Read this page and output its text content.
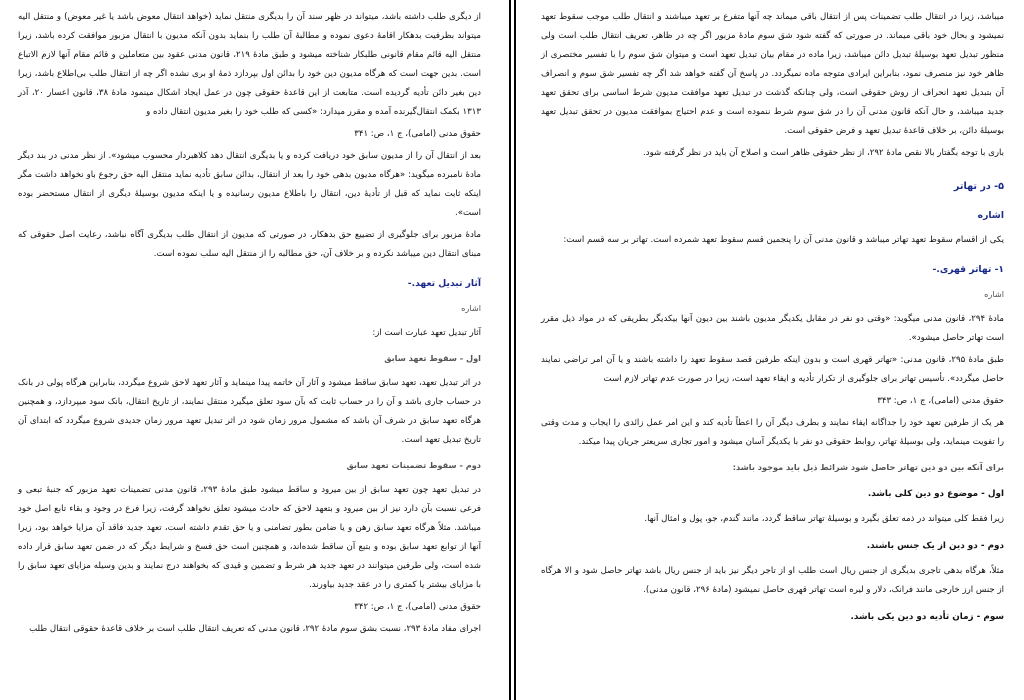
از دیگری طلب داشته باشد، میتواند در ظهر سند آن را بدیگری منتقل نماید (خواهد انتقال معوض باشد یا غیر معوض) و منتقل الیه میتواند بظرفیت بدهکار اقامهٔ دعوی نموده و مطالبهٔ آن طلب را بنماید بدون آنکه مدیون با انتقال مزبور موافقت کرده باشد، زیرا منتقل الیه قائم مقام قانونی طلبکار شناخته میشود و طبق مادهٔ ۲۱۹، قانون مدنی عقود بین متعاملین و قائم مقام آنها لازم الاتباع است. بدین جهت است که هرگاه مدیون دین خود را بدائن اول بپردازد ذمهٔ او بری نشده اگر چه از انتقال طلب بی‌اطلاع باشد، زیرا دین بغیر دائن تأدیه گردیده است. متابعت از این قاعدهٔ حقوقی چون در عمل ایجاد اشکال مینمود مادهٔ ۳۸، قانون اعسار ۲۰، آذر ۱۳۱۳ بکمک انتقال‌گیرنده آمده و مقرر میدارد: «کسی که طلب خود را بغیر مدیون انتقال داده و
حقوق مدنی (امامی)، ج ۱، ص: ۳۴۱
بعد از انتقال آن را از مدیون سابق خود دریافت کرده و یا بدیگری انتقال دهد کلاهبردار محسوب میشود». از نظر مدنی در بند دیگر مادهٔ نامبرده میگوید: «هرگاه مدیون بدهی خود را بعد از انتقال، بدائن سابق تأدیه نماید منتقل الیه حق رجوع باو نخواهد داشت مگر اینکه ثابت نماید که قبل از تأدیهٔ دین، انتقال را باطلاع مدیون رسانیده و یا اینکه مدیون بوسیلهٔ دیگری از انتقال مستحضر بوده است».
مادهٔ مزبور برای جلوگیری از تضییع حق بدهکار، در صورتی که مدیون از انتقال طلب بدیگری آگاه نباشد، رعایت اصل حقوقی که مبنای انتقال دین میباشد نکرده و بر خلاف آن، حق مطالبه را از منتقل الیه سلب نموده است.
آثار تبدیل تعهد.-
اشاره
آثار تبدیل تعهد عبارت است از:
اول - سقوط تعهد سابق
در اثر تبدیل تعهد، تعهد سابق ساقط میشود و آثار آن خاتمه پیدا مینماید و آثار تعهد لاحق شروع میگردد، بنابراین هرگاه پولی در بانک در حساب جاری باشد و آن را در حساب ثابت که بآن سود تعلق میگیرد منتقل نمایند، از تاریخ انتقال، بانک سود میپردازد، و همچنین هرگاه تعهد سابق در شرف آن باشد که مشمول مرور زمان شود در اثر تبدیل تعهد مرور زمان جدیدی شروع میگردد که ابتدای آن تاریخ تبدیل تعهد است.
دوم - سقوط تضمینات تعهد سابق
در تبدیل تعهد چون تعهد سابق از بین میرود و ساقط میشود طبق مادهٔ ۲۹۳، قانون مدنی تضمینات تعهد مزبور که جنبهٔ تبعی و فرعی نسبت بآن دارد نیز از بین میرود و بتعهد لاحق که حادث میشود تعلق نخواهد گرفت، زیرا فرع در وجود و بقاء تابع اصل خود میباشد. مثلاً هرگاه تعهد سابق رهن و یا ضامن بطور تضامنی و یا حق تقدم داشته است، تعهد جدید فاقد آن مزایا خواهد بود، زیرا آنها از توابع تعهد سابق بوده و بتبع آن ساقط شده‌اند، و همچنین است حق فسخ و شرایط دیگر که در ضمن تعهد سابق قرار داده شده است، ولی طرفین میتوانند در تعهد جدید هر شرط و تضمین و قیدی که بخواهند درج نمایند و بدین وسیله مزایای تعهد سابق را با مزایای بیشتر یا کمتری را در عقد جدید بیاورند.
حقوق مدنی (امامی)، ج ۱، ص: ۳۴۲
اجرای مفاد مادهٔ ۲۹۳، نسبت بشق سوم مادهٔ ۲۹۲، قانون مدنی که تعریف انتقال طلب است بر خلاف قاعدهٔ حقوقی انتقال طلب
میباشد، زیرا در انتقال طلب تضمینات پس از انتقال باقی میماند چه آنها متفرع بر تعهد میباشند و انتقال طلب موجب سقوط تعهد نمیشود و بحال خود باقی میماند. در صورتی که گفته شود شق سوم مادهٔ مزبور اگر چه در ظاهر، تعریف انتقال طلب است ولی منظور تبدیل تعهد بوسیلهٔ تبدیل دائن میباشد، زیرا ماده در مقام بیان تبدیل تعهد است و میتوان شق سوم را با تفسیر مختصری از ظاهر خود نیز منصرف نمود، بنابراین ایرادی متوجه ماده نمیگردد. در پاسخ آن گفته خواهد شد اگر چه تفسیر شق سوم و انصراف آن بتبدیل تعهد انحراف از روش حقوقی است، ولی چنانکه گذشت در تبدیل تعهد موافقت مدیون شرط اساسی برای تحقق تعهد جدید میباشد، و حال آنکه قانون مدنی آن را در شق سوم شرط ننموده است و عدم احتیاج بموافقت مدیون در تحقق تبدیل تعهد بوسیلهٔ دائن، بر خلاف قاعدهٔ تبدیل تعهد و فرض حقوقی است.
باری با توجه بگفتار بالا نقص مادهٔ ۲۹۲، از نظر حقوقی ظاهر است و اصلاح آن باید در نظر گرفته شود.
۵- در تهاتر
اشاره
یکی از اقسام سقوط تعهد تهاتر میباشد و قانون مدنی آن را پنجمین قسم سقوط تعهد شمرده است. تهاتر بر سه قسم است:
۱- تهاتر قهری.-
اشاره
مادهٔ ۲۹۴، قانون مدنی میگوید: «وقتی دو نفر در مقابل یکدیگر مدیون باشند بین دیون آنها بیکدیگر بطریقی که در مواد ذیل مقرر است تهاتر حاصل میشود».
طبق مادهٔ ۲۹۵، قانون مدنی: «تهاتر قهری است و بدون اینکه طرفین قصد سقوط تعهد را داشته باشند و یا آن امر تراضی نمایند حاصل میگردد». تأسیس تهاتر برای جلوگیری از تکرار تأدیه و ایفاء تعهد است، زیرا در صورت عدم تهاتر لازم است
حقوق مدنی (امامی)، ج ۱، ص: ۳۴۳
هر یک از طرفین تعهد خود را جداگانه ایفاء نمایند و بطرف دیگر آن را اعطاً تأدیه کند و این امر عمل زائدی را ایجاب و مدت وقتی را تفویت مینماید، ولی بوسیلهٔ تهاتر، روابط حقوقی دو نفر با یکدیگر آسان میشود و امور تجاری سریعتر جریان پیدا میکند.
برای آنکه بین دو دین تهاتر حاصل شود شرائط ذیل باید موجود باشد:
اول - موضوع دو دین کلی باشد.
زیرا فقط کلی میتواند در ذمه تعلق بگیرد و بوسیلهٔ تهاتر ساقط گردد، مانند گندم، جو، پول و امثال آنها.
دوم - دو دین از یک جنس باشند.
مثلاً، هرگاه بدهی تاجری بدیگری از جنس ریال است طلب او از تاجر دیگر نیز باید از جنس ریال باشد تهاتر حاصل شود و الا هرگاه از جنس ارز خارجی مانند فرانک، دلار و لیره است تهاتر قهری حاصل نمیشود (مادهٔ ۲۹۶، قانون مدنی).
سوم - زمان تأدیه دو دین یکی باشد.
